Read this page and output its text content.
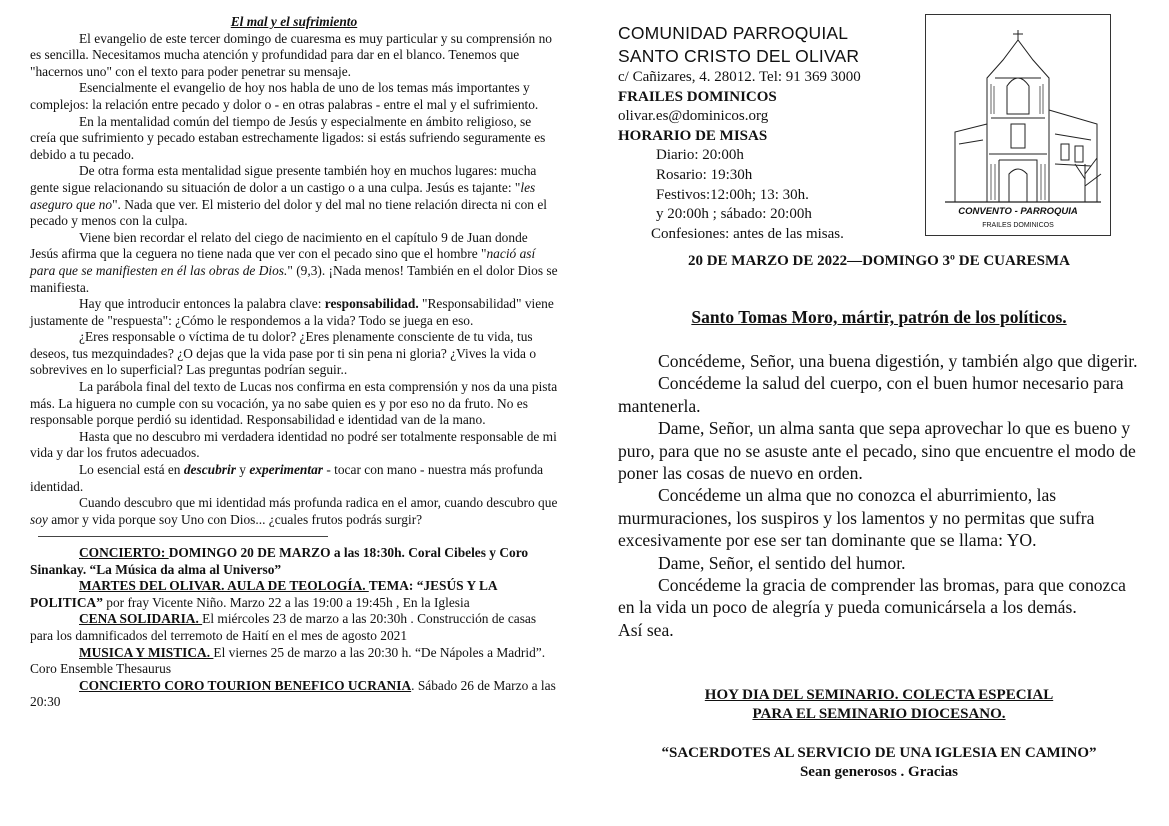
El mal y el sufrimiento

El evangelio de este tercer domingo de cuaresma es muy particular y su comprensión no es sencilla. Necesitamos mucha atención y profundidad para dar en el blanco. Tenemos que "hacernos uno" con el texto para poder penetrar su mensaje.

Esencialmente el evangelio de hoy nos habla de uno de los temas más importantes y complejos: la relación entre pecado y dolor o - en otras palabras - entre el mal y el sufrimiento.

En la mentalidad común del tiempo de Jesús y especialmente en ámbito religioso, se creía que sufrimiento y pecado estaban estrechamente ligados: si estás sufriendo seguramente es debido a tu pecado.

De otra forma esta mentalidad sigue presente también hoy en muchos lugares: mucha gente sigue relacionando su situación de dolor a un castigo o a una culpa. Jesús es tajante: "les aseguro que no". Nada que ver. El misterio del dolor y del mal no tiene relación directa ni con el pecado y menos con la culpa.

Viene bien recordar el relato del ciego de nacimiento en el capítulo 9 de Juan donde Jesús afirma que la ceguera no tiene nada que ver con el pecado sino que el hombre "nació así para que se manifiesten en él las obras de Dios." (9,3). ¡Nada menos! También en el dolor Dios se manifiesta.

Hay que introducir entonces la palabra clave: responsabilidad. "Responsabilidad" viene justamente de "respuesta": ¿Cómo le respondemos a la vida? Todo se juega en eso.

¿Eres responsable o víctima de tu dolor? ¿Eres plenamente consciente de tu vida, tus deseos, tus mezquindades? ¿O dejas que la vida pase por ti sin pena ni gloria? ¿Vives la vida o sobrevives en lo superficial? Las preguntas podrían seguir..

La parábola final del texto de Lucas nos confirma en esta comprensión y nos da una pista más. La higuera no cumple con su vocación, ya no sabe quien es y por eso no da fruto. No es responsable porque perdió su identidad. Responsabilidad e identidad van de la mano.

Hasta que no descubro mi verdadera identidad no podré ser totalmente responsable de mi vida y dar los frutos adecuados.

Lo esencial está en descubrir y experimentar - tocar con mano - nuestra más profunda identidad.

Cuando descubro que mi identidad más profunda radica en el amor, cuando descubro que soy amor y vida porque soy Uno con Dios... ¿cuales frutos podrás surgir?

CONCIERTO: DOMINGO 20 DE MARZO a las 18:30h. Coral Cibeles y Coro Sinankay. “La Música da alma al Universo”

MARTES DEL OLIVAR. AULA DE TEOLOGÍA. TEMA: “JESÚS Y LA POLITICA” por fray Vicente Niño. Marzo 22 a las 19:00 a 19:45h , En la Iglesia

CENA SOLIDARIA. El miércoles 23 de marzo a las 20:30h . Construcción de casas para los damnificados del terremoto de Haití en el mes de agosto 2021

MUSICA Y MISTICA. El viernes 25 de marzo a las 20:30 h. “De Nápoles a Madrid”. Coro Ensemble Thesaurus

CONCIERTO CORO TOURION BENEFICO UCRANIA. Sábado 26 de Marzo a las 20:30

COMUNIDAD PARROQUIAL
SANTO CRISTO DEL OLIVAR
c/ Cañizares, 4. 28012. Tel: 91 369 3000
FRAILES DOMINICOS
olivar.es@dominicos.org
HORARIO DE MISAS
Diario: 20:00h
Rosario: 19:30h
Festivos:12:00h; 13: 30h.
y 20:00h ; sábado: 20:00h
Confesiones: antes de las misas.
CONVENTO - PARROQUIA
FRAILES DOMINICOS
20 DE MARZO DE 2022—DOMINGO 3º DE CUARESMA
Santo Tomas Moro, mártir, patrón de los políticos.

Concédeme, Señor, una buena digestión, y también algo que digerir.

Concédeme la salud del cuerpo, con el buen humor necesario para mantenerla.

Dame, Señor, un alma santa que sepa aprovechar lo que es bueno y puro, para que no se asuste ante el pecado, sino que encuentre el modo de poner las cosas de nuevo en orden.

Concédeme un alma que no conozca el aburrimiento, las murmuraciones, los suspiros y los lamentos y no permitas que sufra excesivamente por ese ser tan dominante que se llama: YO.

Dame, Señor, el sentido del humor.

Concédeme la gracia de comprender las bromas, para que conozca en la vida un poco de alegría y pueda comunicársela a los demás.

Así sea.

HOY DIA DEL SEMINARIO. COLECTA ESPECIAL
PARA EL SEMINARIO DIOCESANO.
“SACERDOTES AL SERVICIO DE UNA IGLESIA EN CAMINO”
Sean generosos . Gracias
